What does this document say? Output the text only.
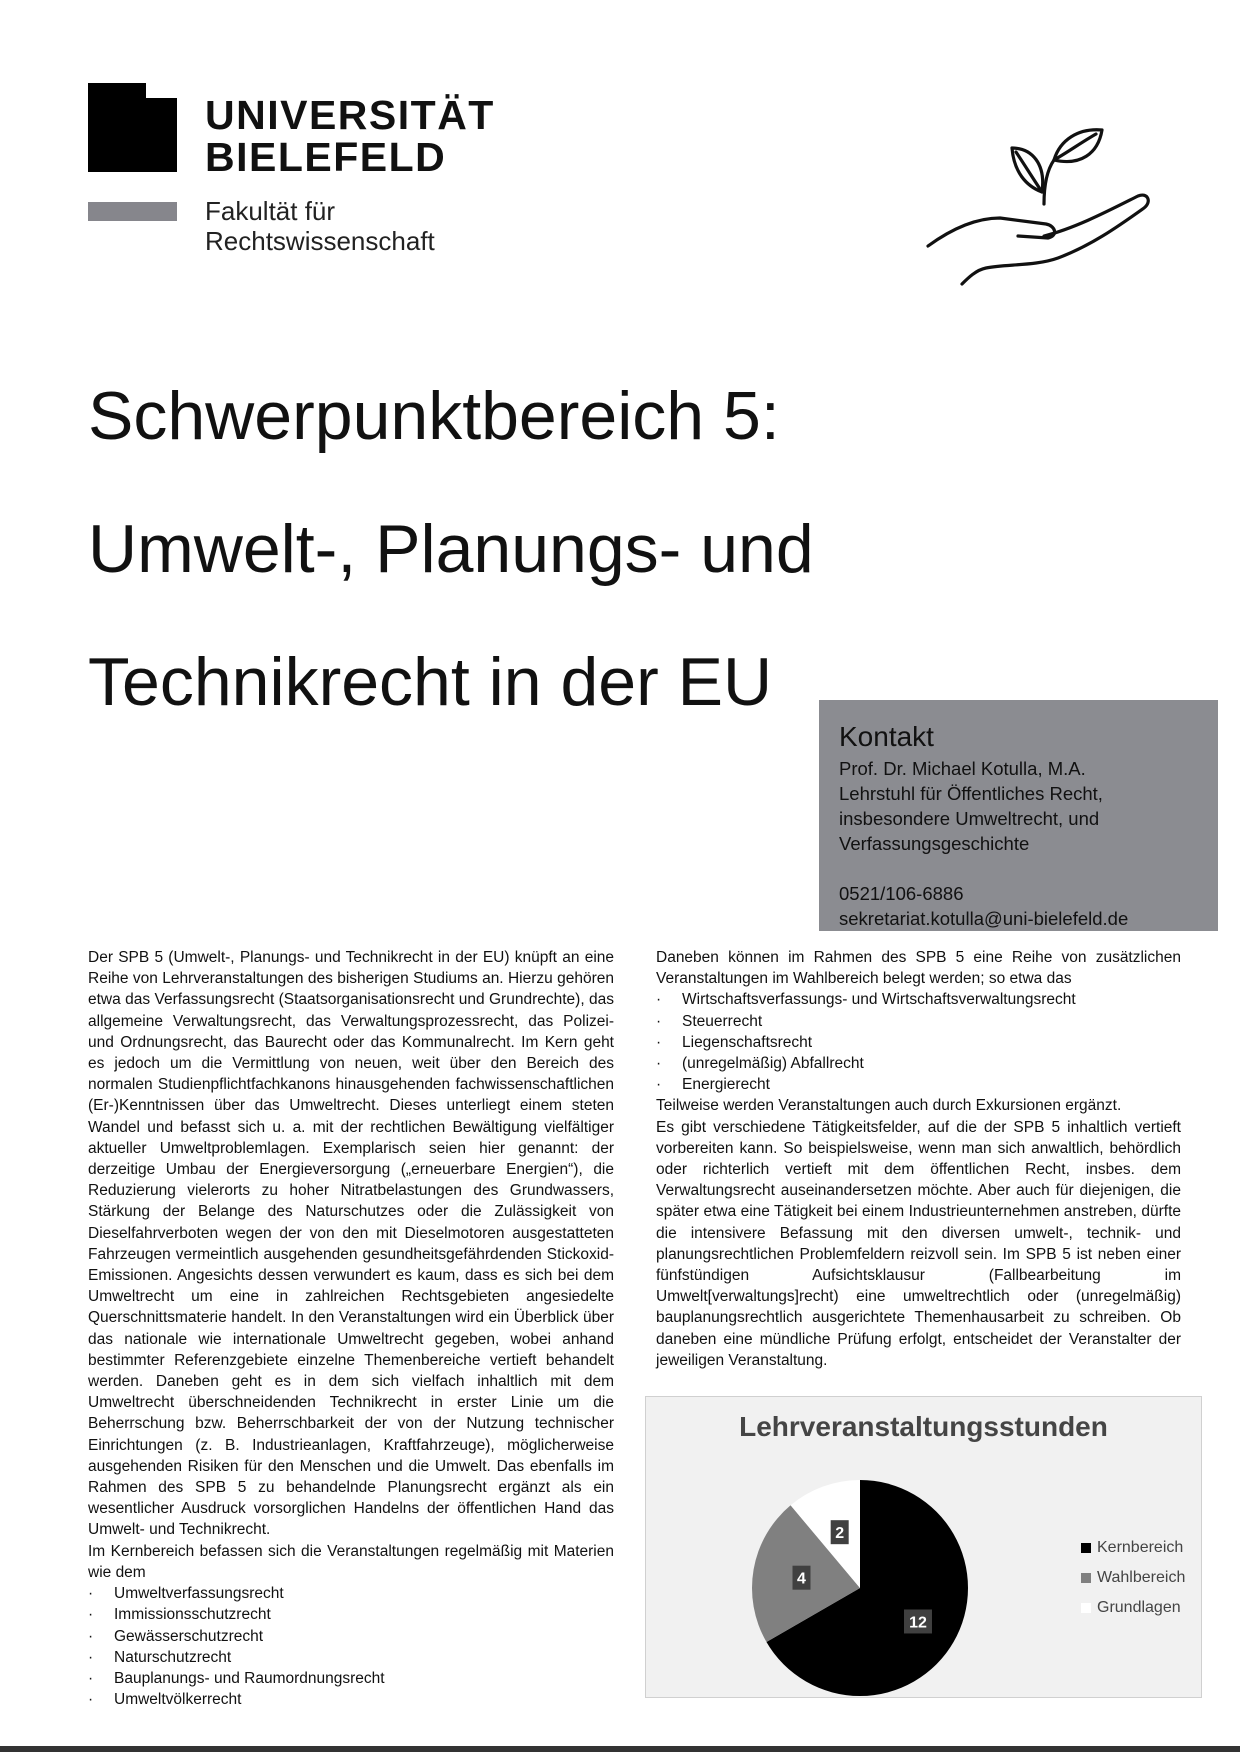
UNIVERSITÄT
BIELEFELD
Fakultät für
Rechtswissenschaft
Schwerpunktbereich 5:
Umwelt-, Planungs- und
Technikrecht in der EU
Kontakt
Prof. Dr. Michael Kotulla, M.A.
Lehrstuhl für Öffentliches Recht,
insbesondere Umweltrecht, und
Verfassungsgeschichte
0521/106-6886
sekretariat.kotulla@uni-bielefeld.de
Der SPB 5 (Umwelt-, Planungs- und Technikrecht in der EU) knüpft an eine Reihe von Lehrveranstaltungen des bisherigen Studiums an. Hierzu gehören etwa das Verfassungsrecht (Staatsorganisationsrecht und Grundrechte), das allgemeine Verwaltungsrecht, das Verwaltungsprozessrecht, das Polizei- und Ordnungsrecht, das Baurecht oder das Kommunalrecht. Im Kern geht es jedoch um die Vermittlung von neuen, weit über den Bereich des normalen Studienpflichtfachkanons hinausgehenden fachwissenschaftlichen (Er-)Kenntnissen über das Umweltrecht. Dieses unterliegt einem steten Wandel und befasst sich u. a. mit der rechtlichen Bewältigung vielfältiger aktueller Umweltproblemlagen. Exemplarisch seien hier genannt: der derzeitige Umbau der Energieversorgung („erneuerbare Energien“), die Reduzierung vielerorts zu hoher Nitratbelastungen des Grundwassers, Stärkung der Belange des Naturschutzes oder die Zulässigkeit von Dieselfahrverboten wegen der von den mit Dieselmotoren ausgestatteten Fahrzeugen vermeintlich ausgehenden gesundheitsgefährdenden Stickoxid-Emissionen. Angesichts dessen verwundert es kaum, dass es sich bei dem Umweltrecht um eine in zahlreichen Rechtsgebieten angesiedelte Querschnittsmaterie handelt. In den Veranstaltungen wird ein Überblick über das nationale wie internationale Umweltrecht gegeben, wobei anhand bestimmter Referenzgebiete einzelne Themenbereiche vertieft behandelt werden. Daneben geht es in dem sich vielfach inhaltlich mit dem Umweltrecht überschneidenden Technikrecht in erster Linie um die Beherrschung bzw. Beherrschbarkeit der von der Nutzung technischer Einrichtungen (z. B. Industrieanlagen, Kraftfahrzeuge), möglicherweise ausgehenden Risiken für den Menschen und die Umwelt. Das ebenfalls im Rahmen des SPB 5 zu behandelnde Planungsrecht ergänzt als ein wesentlicher Ausdruck vorsorglichen Handelns der öffentlichen Hand das Umwelt- und Technikrecht.
Im Kernbereich befassen sich die Veranstaltungen regelmäßig mit Materien wie dem
·	Umweltverfassungsrecht
·	Immissionsschutzrecht
·	Gewässerschutzrecht
·	Naturschutzrecht
·	Bauplanungs- und Raumordnungsrecht
·	Umweltvölkerrecht
Daneben können im Rahmen des SPB 5 eine Reihe von zusätzlichen Veranstaltungen im Wahlbereich belegt werden; so etwa das
·	Wirtschaftsverfassungs- und Wirtschaftsverwaltungsrecht
·	Steuerrecht
·	Liegenschaftsrecht
·	(unregelmäßig) Abfallrecht
·	Energierecht
Teilweise werden Veranstaltungen auch durch Exkursionen ergänzt.
Es gibt verschiedene Tätigkeitsfelder, auf die der SPB 5 inhaltlich vertieft vorbereiten kann. So beispielsweise, wenn man sich anwaltlich, behördlich oder richterlich vertieft mit dem öffentlichen Recht, insbes. dem Verwaltungsrecht auseinandersetzen möchte. Aber auch für diejenigen, die später etwa eine Tätigkeit bei einem Industrieunternehmen anstreben, dürfte die intensivere Befassung mit den diversen umwelt-, technik- und planungsrechtlichen Problemfeldern reizvoll sein. Im SPB 5 ist neben einer fünfstündigen Aufsichtsklausur (Fallbearbeitung im Umwelt[verwaltungs]recht) eine umweltrechtlich oder (unregelmäßig) bauplanungsrechtlich ausgerichtete Themenhausarbeit zu schreiben. Ob daneben eine mündliche Prüfung erfolgt, entscheidet der Veranstalter der jeweiligen Veranstaltung.
Lehrveranstaltungsstunden
12
4
2
Kernbereich
Wahlbereich
Grundlagen
